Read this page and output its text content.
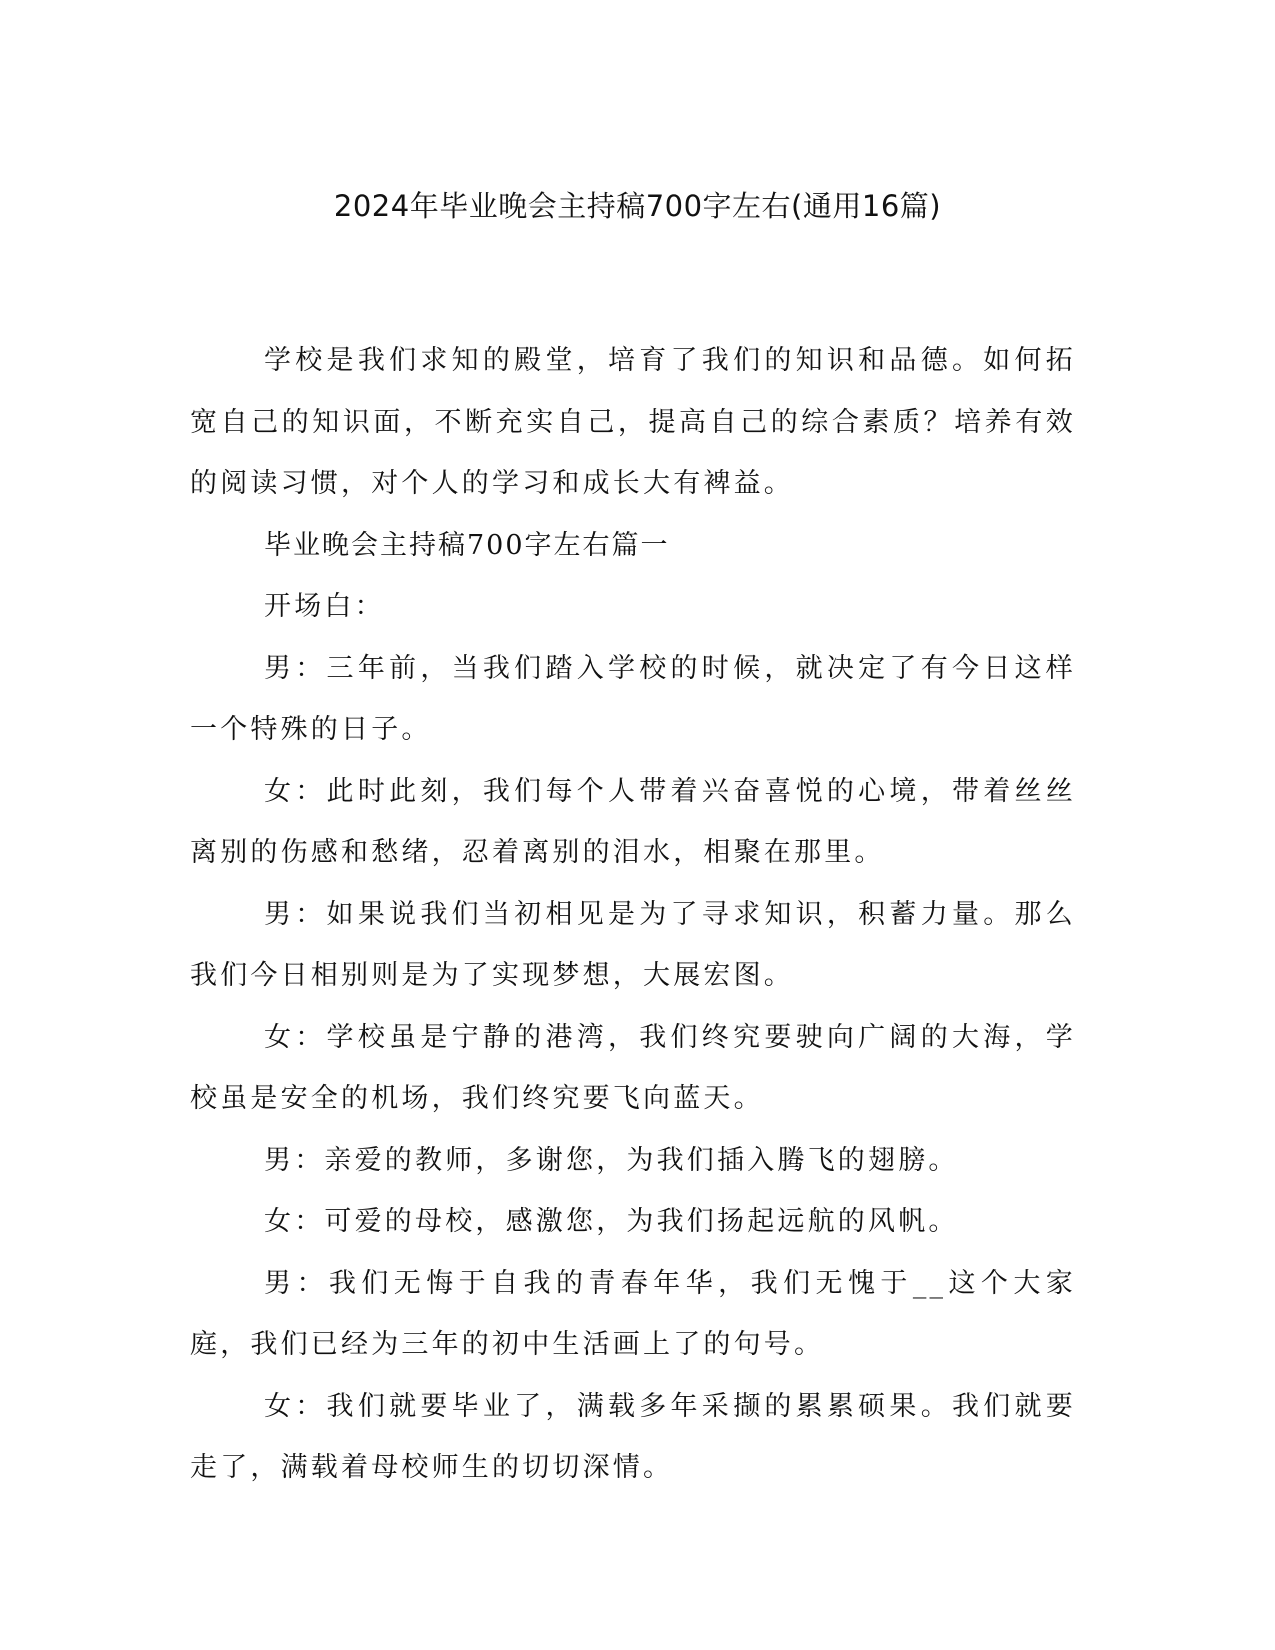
2024年毕业晚会主持稿700字左右(通用16篇)

学校是我们求知的殿堂，培育了我们的知识和品德。如何拓宽自己的知识面，不断充实自己，提高自己的综合素质？培养有效的阅读习惯，对个人的学习和成长大有裨益。

毕业晚会主持稿700字左右篇一

开场白：

男：三年前，当我们踏入学校的时候，就决定了有今日这样一个特殊的日子。

女：此时此刻，我们每个人带着兴奋喜悦的心境，带着丝丝离别的伤感和愁绪，忍着离别的泪水，相聚在那里。

男：如果说我们当初相见是为了寻求知识，积蓄力量。那么我们今日相别则是为了实现梦想，大展宏图。

女：学校虽是宁静的港湾，我们终究要驶向广阔的大海，学校虽是安全的机场，我们终究要飞向蓝天。

男：亲爱的教师，多谢您，为我们插入腾飞的翅膀。

女：可爱的母校，感激您，为我们扬起远航的风帆。

男：我们无悔于自我的青春年华，我们无愧于__这个大家庭，我们已经为三年的初中生活画上了的句号。

女：我们就要毕业了，满载多年采撷的累累硕果。我们就要走了，满载着母校师生的切切深情。
